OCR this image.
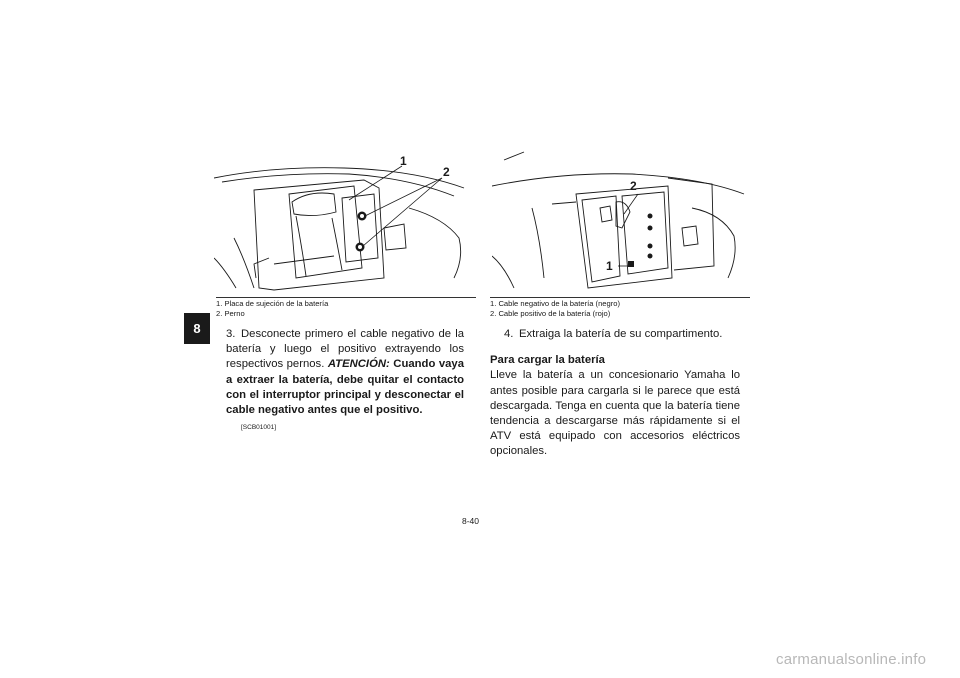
8
1
2
2
1
1. Placa de sujeción de la batería
2. Perno
1. Cable negativo de la batería (negro)
2. Cable positivo de la batería (rojo)
3. Desconecte primero el cable negativo de la batería y luego el positivo extrayendo los respectivos pernos. ATENCIÓN: Cuando vaya a extraer la batería, debe quitar el contacto con el interruptor principal y desconectar el cable negativo antes que el positivo.
[SCB01001]
4. Extraiga la batería de su compartimento.
Para cargar la batería
Lleve la batería a un concesionario Yamaha lo antes posible para cargarla si le parece que está descargada. Tenga en cuenta que la batería tiene tendencia a descargarse más rápidamente si el ATV está equipado con accesorios eléctricos opcionales.
8-40
carmanualsonline.info
